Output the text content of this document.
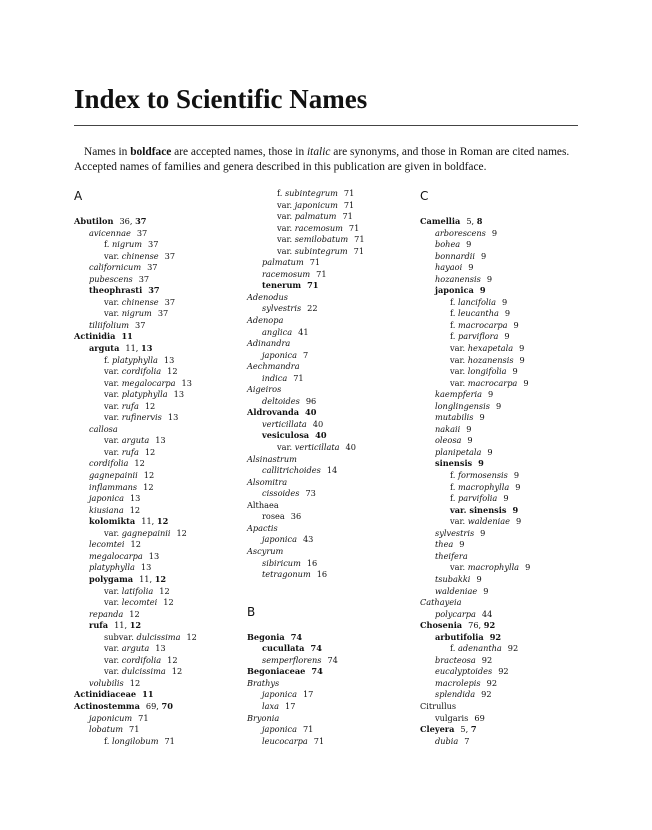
Index to Scientific Names

Names in boldface are accepted names, those in italic are synonyms, and those in Roman are cited names. Accepted names of families and genera described in this publication are given in boldface.

A
Abutilon 36, 37
avicennae 37
f. nigrum 37
var. chinense 37
californicum 37
pubescens 37
theophrasti 37
var. chinense 37
var. nigrum 37
tiliifolium 37
Actinidia 11
arguta 11, 13
f. platyphylla 13
var. cordifolia 12
var. megalocarpa 13
var. platyphylla 13
var. rufa 12
var. rufinervis 13
callosa
var. arguta 13
var. rufa 12
cordifolia 12
gagnepainii 12
inflammans 12
japonica 13
kiusiana 12
kolomikta 11, 12
var. gagnepainii 12
lecomtei 12
megalocarpa 13
platyphylla 13
polygama 11, 12
var. latifolia 12
var. lecomtei 12
repanda 12
rufa 11, 12
subvar. dulcissima 12
var. arguta 13
var. cordifolia 12
var. dulcissima 12
volubilis 12
Actinidiaceae 11
Actinostemma 69, 70
japonicum 71
lobatum 71
f. longilobum 71
f. subintegrum 71
var. japonicum 71
var. palmatum 71
var. racemosum 71
var. semilobatum 71
var. subintegrum 71
palmatum 71
racemosum 71
tenerum 71
Adenodus
sylvestris 22
Adenopa
anglica 41
Adinandra
japonica 7
Aechmandra
indica 71
Aigeiros
deltoides 96
Aldrovanda 40
verticillata 40
vesiculosa 40
var. verticillata 40
Alsinastrum
callitrichoides 14
Alsomitra
cissoides 73
Althaea
rosea 36
Apactis
japonica 43
Ascyrum
sibiricum 16
tetragonum 16
B
Begonia 74
cucullata 74
semperflorens 74
Begoniaceae 74
Brathys
japonica 17
laxa 17
Bryonia
japonica 71
leucocarpa 71
C
Camellia 5, 8
arborescens 9
bohea 9
bonnardii 9
hayaoi 9
hozanensis 9
japonica 9
f. lancifolia 9
f. leucantha 9
f. macrocarpa 9
f. parviflora 9
var. hexapetala 9
var. hozanensis 9
var. longifolia 9
var. macrocarpa 9
kaempferia 9
longlingensis 9
mutabilis 9
nakaii 9
oleosa 9
planipetala 9
sinensis 9
f. formosensis 9
f. macrophylla 9
f. parvifolia 9
var. sinensis 9
var. waldeniae 9
sylvestris 9
thea 9
theifera
var. macrophylla 9
tsubakki 9
waldeniae 9
Cathayeia
polycarpa 44
Chosenia 76, 92
arbutifolia 92
f. adenantha 92
bracteosa 92
eucalyptoides 92
macrolepis 92
splendida 92
Citrullus
vulgaris 69
Cleyera 5, 7
dubia 7
